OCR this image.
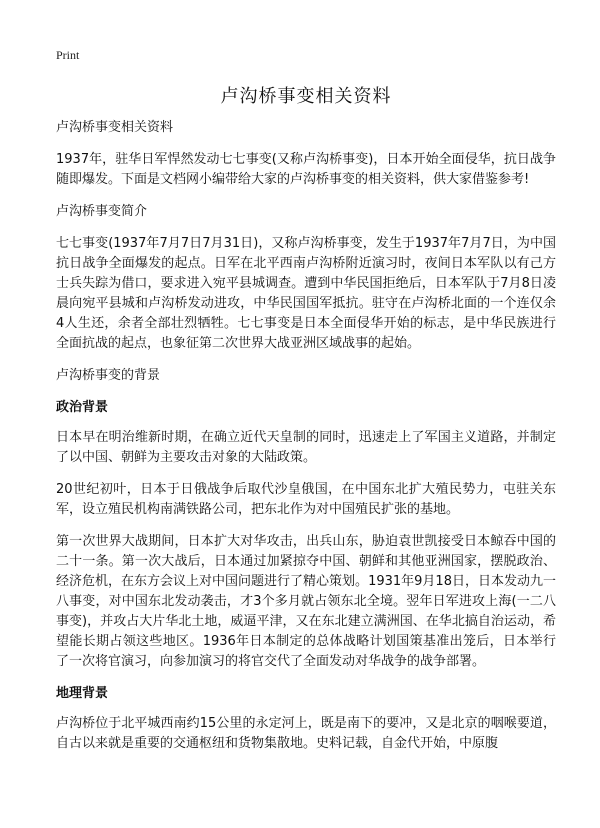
Print
卢沟桥事变相关资料

卢沟桥事变相关资料

1937年，驻华日军悍然发动七七事变(又称卢沟桥事变)，日本开始全面侵华，抗日战争随即爆发。下面是文档网小编带给大家的卢沟桥事变的相关资料，供大家借鉴参考!

卢沟桥事变简介

七七事变(1937年7月7日7月31日)，又称卢沟桥事变，发生于1937年7月7日，为中国抗日战争全面爆发的起点。日军在北平西南卢沟桥附近演习时，夜间日本军队以有己方士兵失踪为借口，要求进入宛平县城调查。遭到中华民国拒绝后，日本军队于7月8日凌晨向宛平县城和卢沟桥发动进攻，中华民国国军抵抗。驻守在卢沟桥北面的一个连仅余4人生还，余者全部壮烈牺牲。七七事变是日本全面侵华开始的标志，是中华民族进行全面抗战的起点，也象征第二次世界大战亚洲区域战事的起始。

卢沟桥事变的背景

政治背景

日本早在明治维新时期，在确立近代天皇制的同时，迅速走上了军国主义道路，并制定了以中国、朝鲜为主要攻击对象的大陆政策。

20世纪初叶，日本于日俄战争后取代沙皇俄国，在中国东北扩大殖民势力，屯驻关东军，设立殖民机构南满铁路公司，把东北作为对中国殖民扩张的基地。

第一次世界大战期间，日本扩大对华攻击，出兵山东，胁迫袁世凯接受日本鲸吞中国的二十一条。第一次大战后，日本通过加紧掠夺中国、朝鲜和其他亚洲国家，摆脱政治、经济危机，在东方会议上对中国问题进行了精心策划。1931年9月18日，日本发动九一八事变，对中国东北发动袭击，才3个多月就占领东北全境。翌年日军进攻上海(一二八事变)，并攻占大片华北土地，威逼平津，又在东北建立满洲国、在华北搞自治运动，希望能长期占领这些地区。1936年日本制定的总体战略计划国策基准出笼后，日本举行了一次将官演习，向参加演习的将官交代了全面发动对华战争的战争部署。

地理背景

卢沟桥位于北平城西南约15公里的永定河上，既是南下的要冲，又是北京的咽喉要道，自古以来就是重要的交通枢纽和货物集散地。史料记载，自金代开始，中原腹
